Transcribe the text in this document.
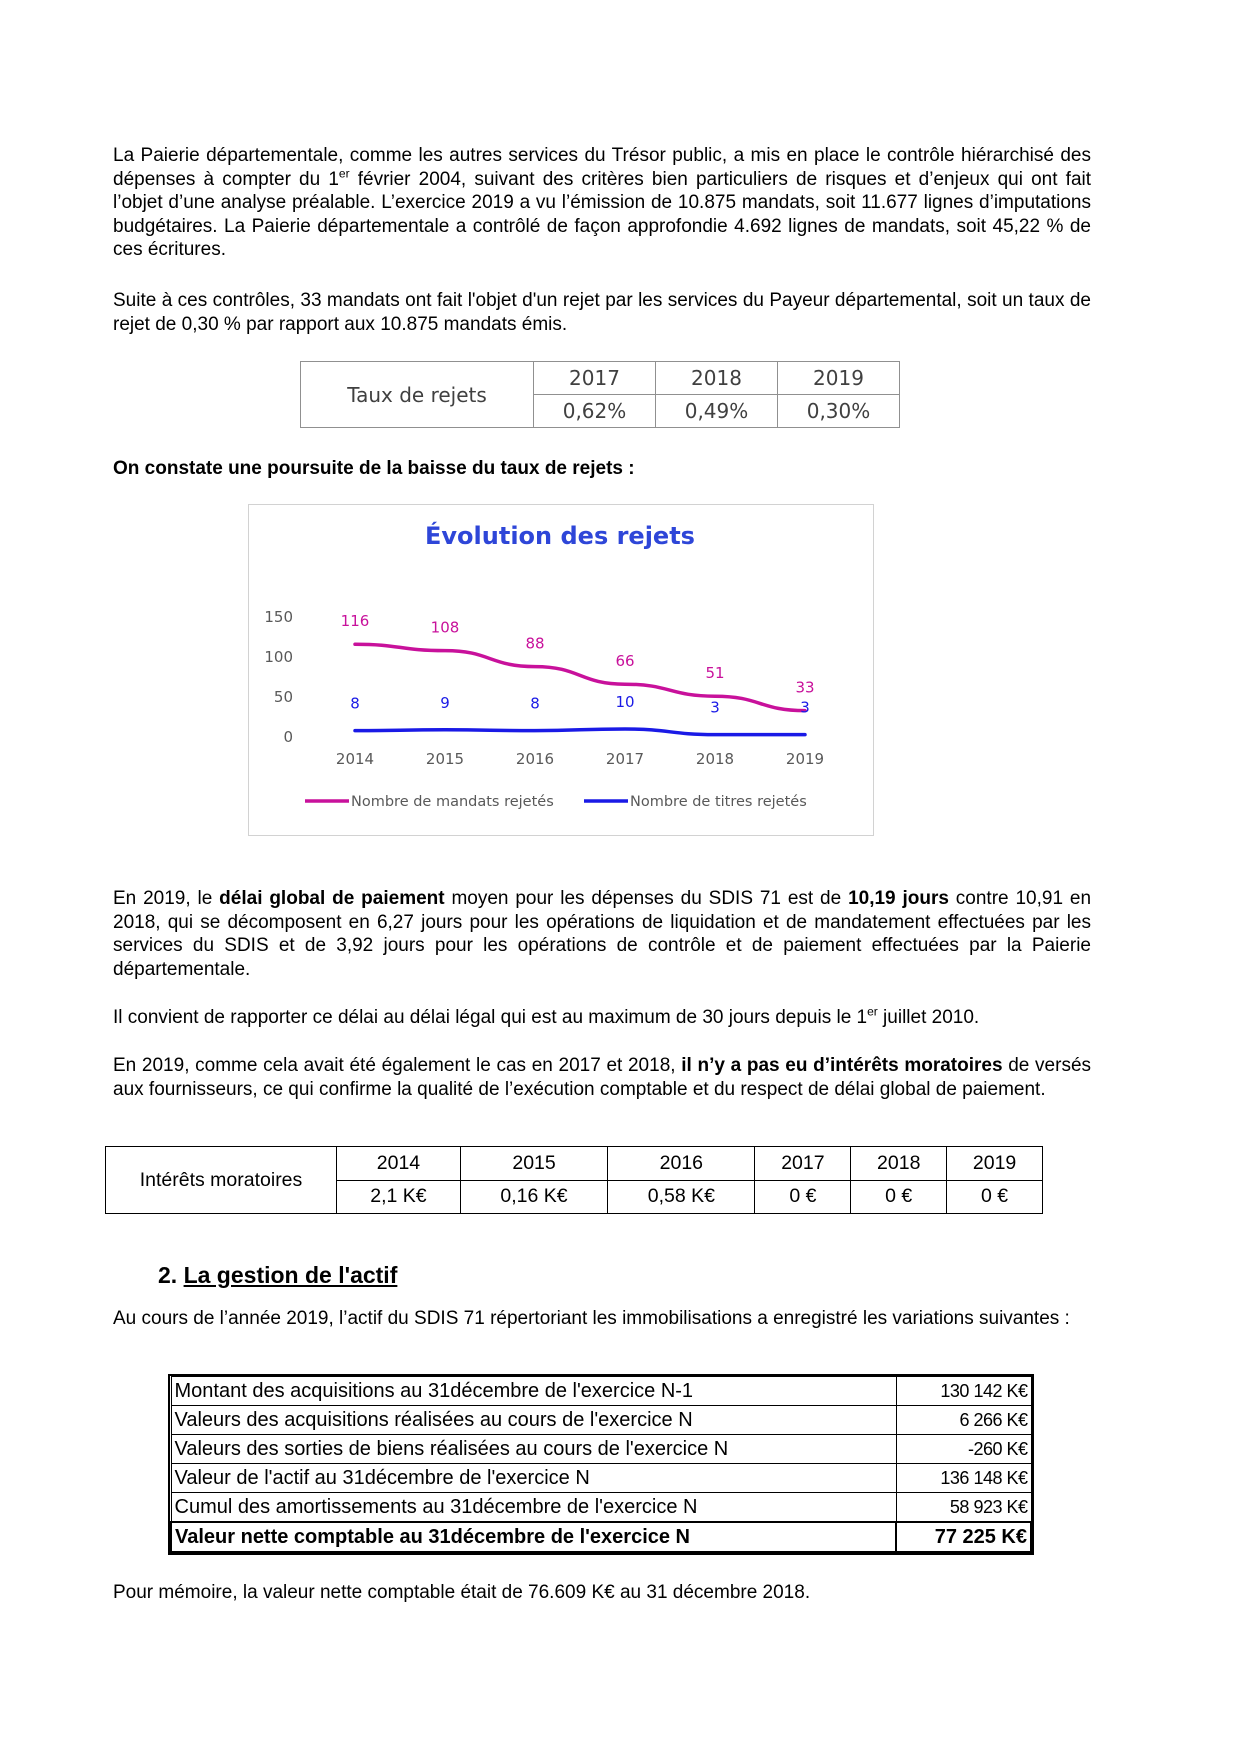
La Paierie départementale, comme les autres services du Trésor public, a mis en place le contrôle hiérarchisé des dépenses à compter du 1er février 2004, suivant des critères bien particuliers de risques et d’enjeux qui ont fait l’objet d’une analyse préalable. L’exercice 2019 a vu l’émission de 10.875 mandats, soit 11.677 lignes d’imputations budgétaires. La Paierie départementale a contrôlé de façon approfondie 4.692 lignes de mandats, soit 45,22 % de ces écritures.

Suite à ces contrôles, 33 mandats ont fait l'objet d'un rejet par les services du Payeur départemental, soit un taux de rejet de 0,30 % par rapport aux 10.875 mandats émis.

Taux de rejets	2017	2018	2019
	0,62%	0,49%	0,30%

On constate une poursuite de la baisse du taux de rejets :

Évolution des rejets
0
50
100
150
2014	2015	2016	2017	2018	2019
116	108
88
66
51
33
8	9	8	10	3	3
Nombre de mandats rejetés	Nombre de titres rejetés

En 2019, le délai global de paiement moyen pour les dépenses du SDIS 71 est de 10,19 jours contre 10,91 en 2018, qui se décomposent en 6,27 jours pour les opérations de liquidation et de mandatement effectuées par les services du SDIS et de 3,92 jours pour les opérations de contrôle et de paiement effectuées par la Paierie départementale.

Il convient de rapporter ce délai au délai légal qui est au maximum de 30 jours depuis le 1er juillet 2010.

En 2019, comme cela avait été également le cas en 2017 et 2018, il n’y a pas eu d’intérêts moratoires de versés aux fournisseurs, ce qui confirme la qualité de l’exécution comptable et du respect de délai global de paiement.

Intérêts moratoires	2014	2015	2016	2017	2018	2019
	2,1 K€	0,16 K€	0,58 K€	0 €	0 €	0 €
2. La gestion de l'actif

Au cours de l’année 2019, l’actif du SDIS 71 répertoriant les immobilisations a enregistré les variations suivantes :

Montant des acquisitions au 31décembre de l'exercice N-1	130 142 K€
Valeurs des acquisitions réalisées au cours de l'exercice N	6 266 K€
Valeurs des sorties de biens réalisées au cours de l'exercice N	-260 K€
Valeur de l'actif au 31décembre de l'exercice N	136 148 K€
Cumul des amortissements au 31décembre de l'exercice N	58 923 K€
Valeur nette comptable au 31décembre de l'exercice N	77 225 K€

Pour mémoire, la valeur nette comptable était de 76.609 K€ au 31 décembre 2018.
